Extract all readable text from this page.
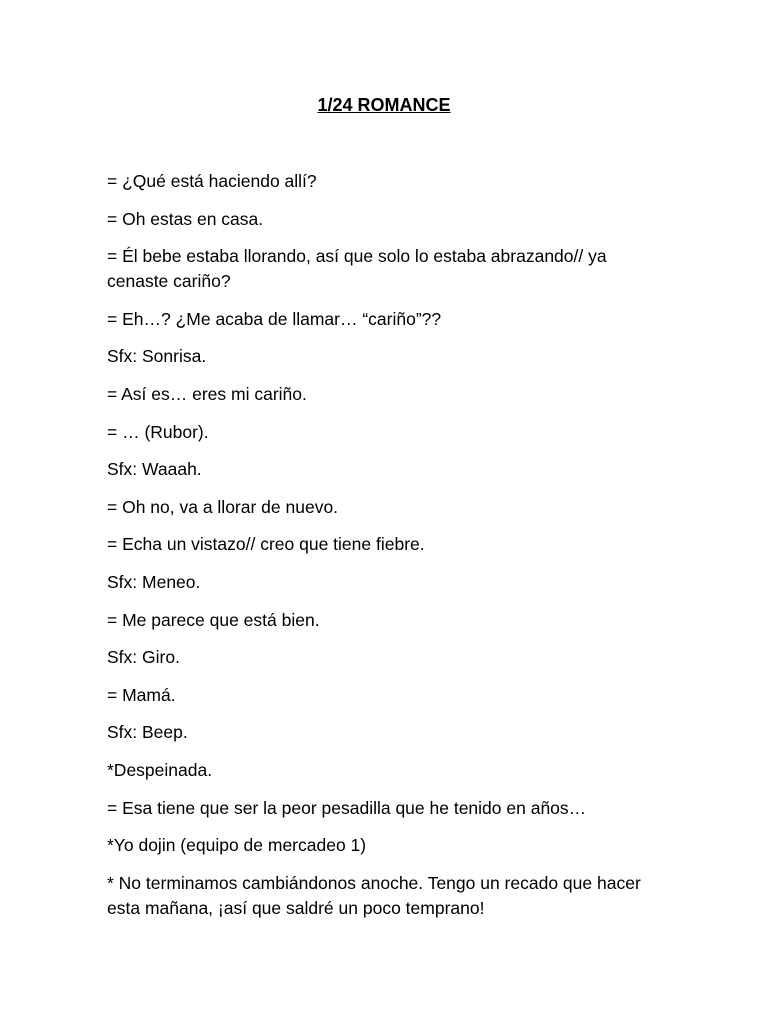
1/24 ROMANCE

= ¿Qué está haciendo allí?

= Oh estas en casa.

= Él bebe estaba llorando, así que solo lo estaba abrazando// ya cenaste cariño?

= Eh…? ¿Me acaba de llamar… “cariño”??

Sfx: Sonrisa.

= Así es… eres mi cariño.

= … (Rubor).

Sfx: Waaah.

= Oh no, va a llorar de nuevo.

= Echa un vistazo// creo que tiene fiebre.

Sfx: Meneo.

= Me parece que está bien.

Sfx: Giro.

= Mamá.

Sfx: Beep.

*Despeinada.

= Esa tiene que ser la peor pesadilla que he tenido en años…

*Yo dojin (equipo de mercadeo 1)

* No terminamos cambiándonos anoche. Tengo un recado que hacer esta mañana, ¡así que saldré un poco temprano!
